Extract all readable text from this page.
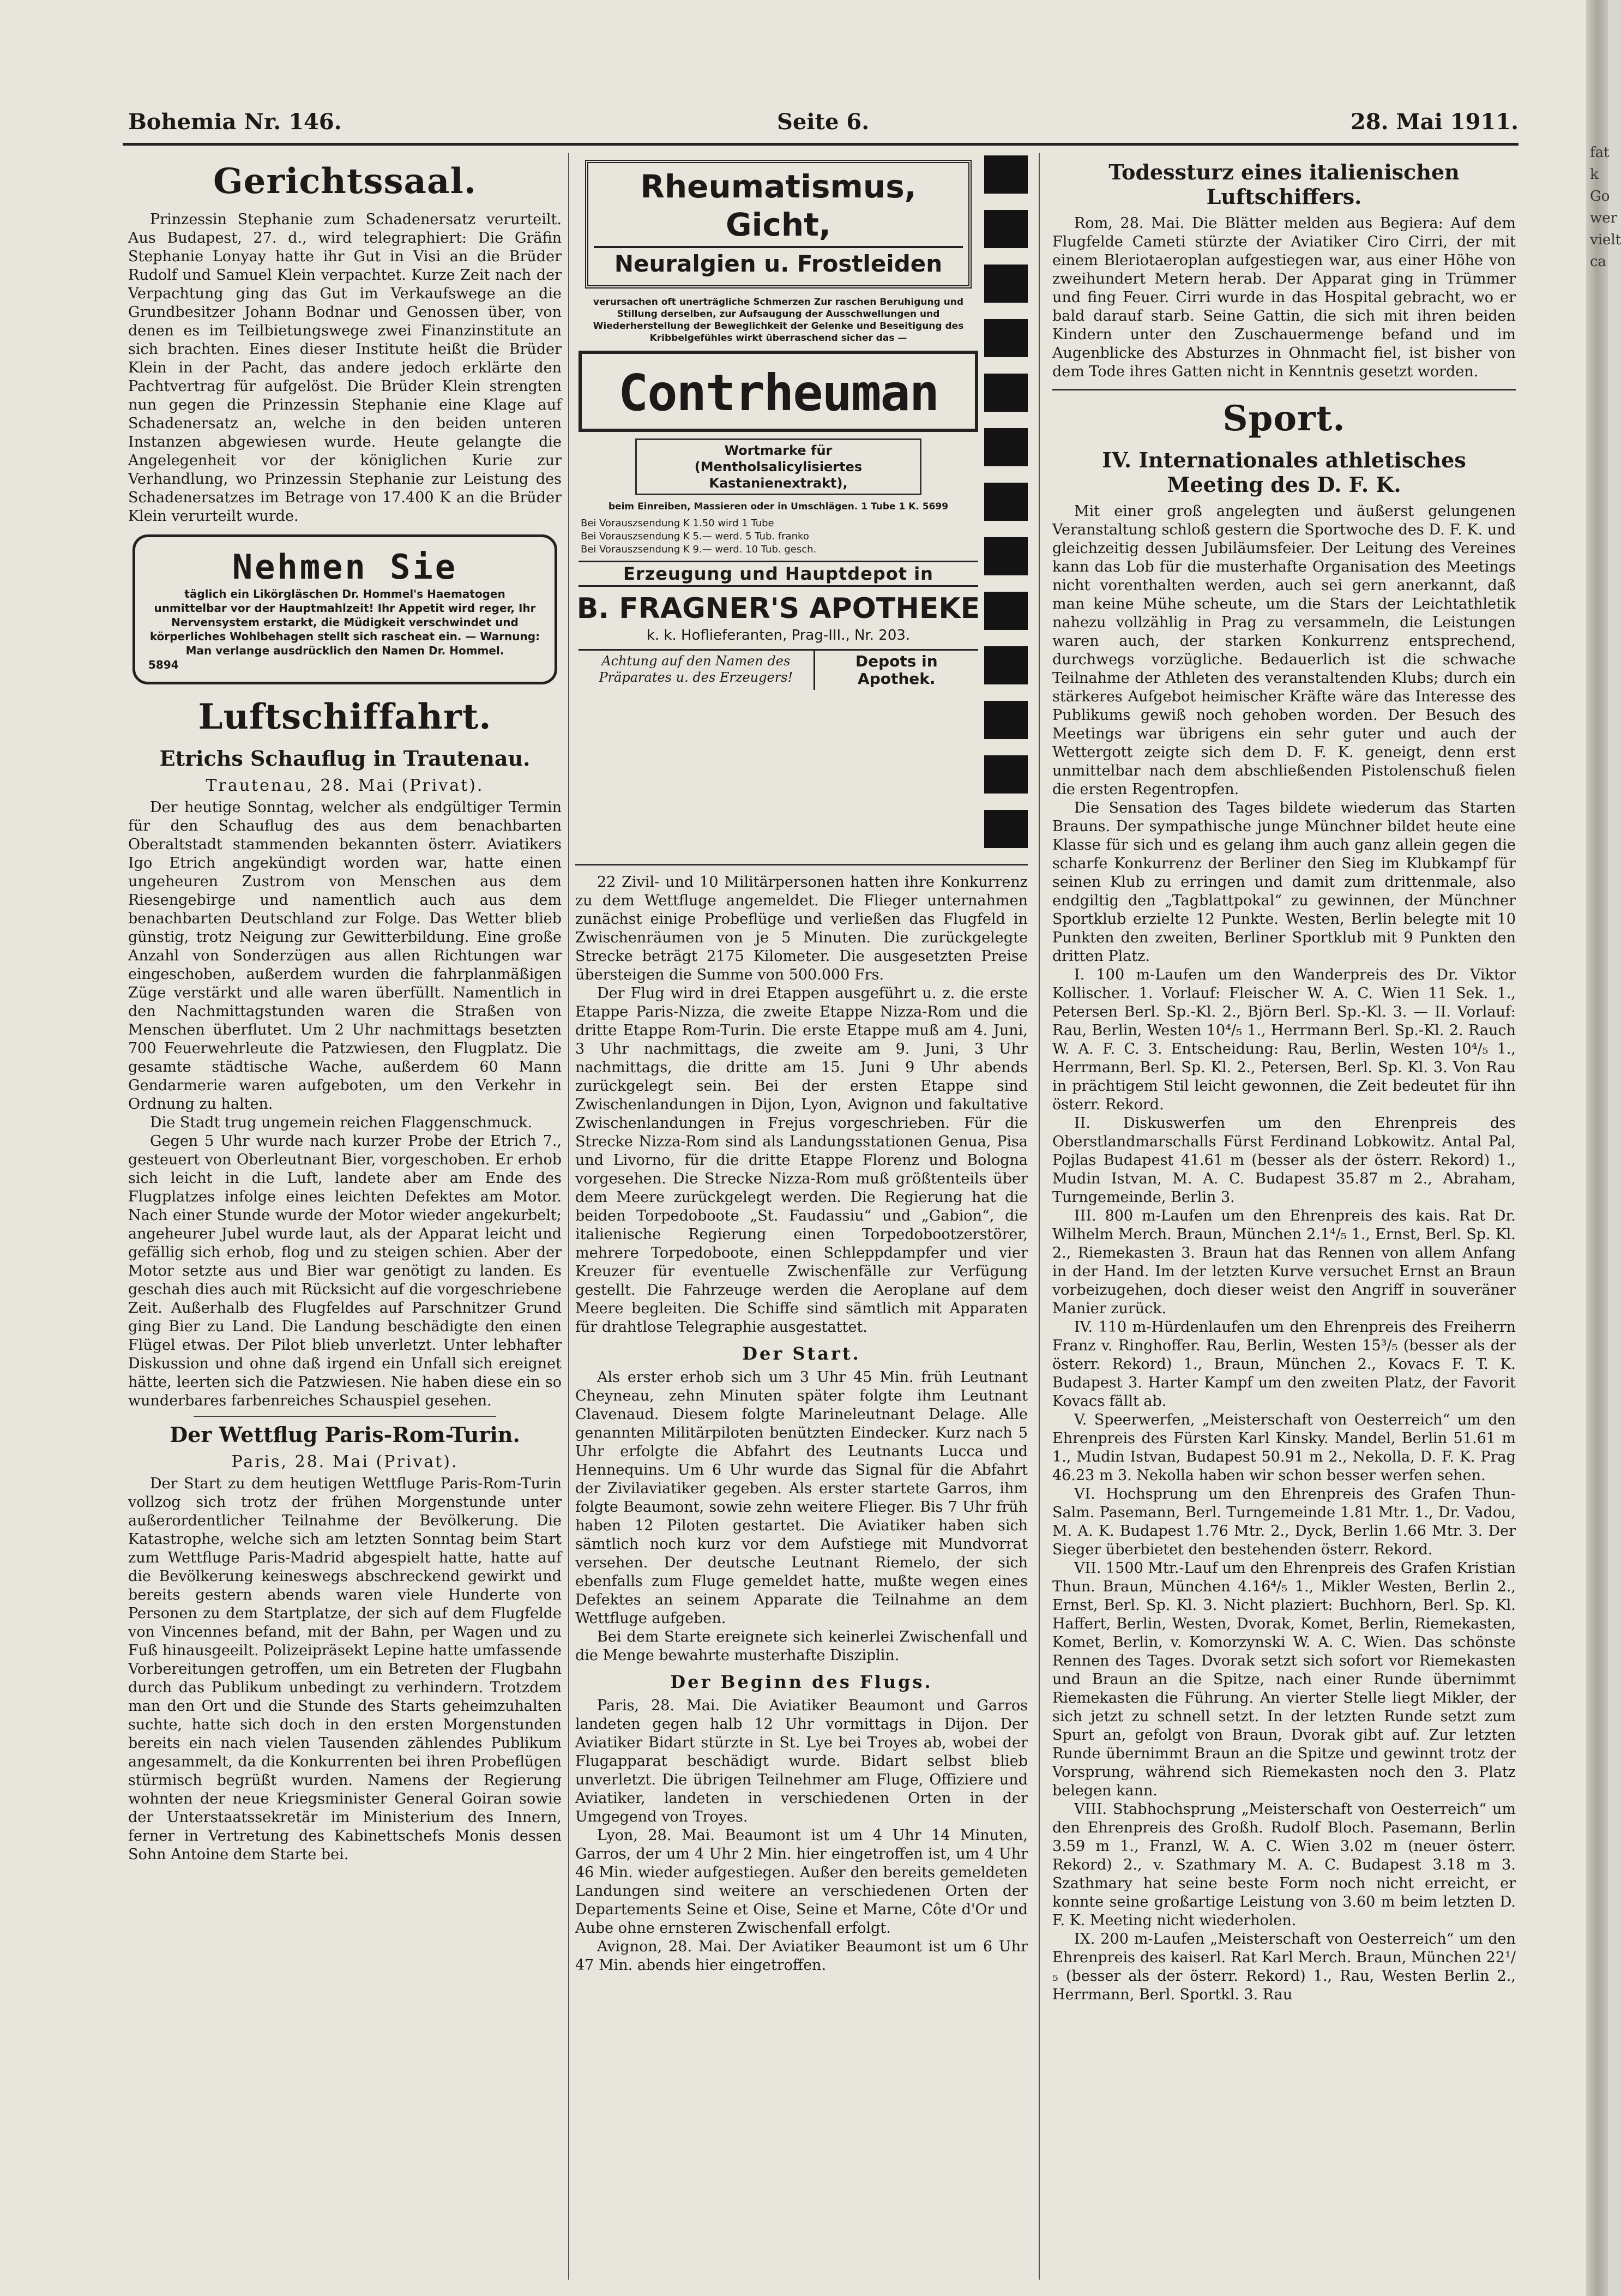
fat k Go wer vielt ca
Bohemia Nr. 146.	Seite 6.	28. Mai 1911.
Gerichtssaal.

Prinzessin Stephanie zum Schadenersatz verurteilt. Aus Budapest, 27. d., wird telegraphiert: Die Gräfin Stephanie Lonyay hatte ihr Gut in Visi an die Brüder Rudolf und Samuel Klein verpachtet. Kurze Zeit nach der Verpachtung ging das Gut im Verkaufswege an die Grundbesitzer Johann Bodnar und Genossen über, von denen es im Teilbietungswege zwei Finanzinstitute an sich brachten. Eines dieser Institute heißt die Brüder Klein in der Pacht, das andere jedoch erklärte den Pachtvertrag für aufgelöst. Die Brüder Klein strengten nun gegen die Prinzessin Stephanie eine Klage auf Schadenersatz an, welche in den beiden unteren Instanzen abgewiesen wurde. Heute gelangte die Angelegenheit vor der königlichen Kurie zur Verhandlung, wo Prinzessin Stephanie zur Leistung des Schadenersatzes im Betrage von 17.400 K an die Brüder Klein verurteilt wurde.

Nehmen Sie
täglich ein Likörgläschen Dr. Hommel's Haematogen unmittelbar vor der Hauptmahlzeit! Ihr Appetit wird reger, Ihr Nervensystem erstarkt, die Müdigkeit verschwindet und körperliches Wohlbehagen stellt sich rascheat ein. — Warnung: Man verlange ausdrücklich den Namen Dr. Hommel.
5894
Luftschiffahrt.
Etrichs Schauflug in Trautenau.
Trautenau, 28. Mai (Privat).

Der heutige Sonntag, welcher als endgültiger Termin für den Schauflug des aus dem benachbarten Oberaltstadt stammenden bekannten österr. Aviatikers Igo Etrich angekündigt worden war, hatte einen ungeheuren Zustrom von Menschen aus dem Riesengebirge und namentlich auch aus dem benachbarten Deutschland zur Folge. Das Wetter blieb günstig, trotz Neigung zur Gewitterbildung. Eine große Anzahl von Sonderzügen aus allen Richtungen war eingeschoben, außerdem wurden die fahrplanmäßigen Züge verstärkt und alle waren überfüllt. Namentlich in den Nachmittagstunden waren die Straßen von Menschen überflutet. Um 2 Uhr nachmittags besetzten 700 Feuerwehrleute die Patzwiesen, den Flugplatz. Die gesamte städtische Wache, außerdem 60 Mann Gendarmerie waren aufgeboten, um den Verkehr in Ordnung zu halten.

Die Stadt trug ungemein reichen Flaggenschmuck.

Gegen 5 Uhr wurde nach kurzer Probe der Etrich 7., gesteuert von Oberleutnant Bier, vorgeschoben. Er erhob sich leicht in die Luft, landete aber am Ende des Flugplatzes infolge eines leichten Defektes am Motor. Nach einer Stunde wurde der Motor wieder angekurbelt; angeheurer Jubel wurde laut, als der Apparat leicht und gefällig sich erhob, flog und zu steigen schien. Aber der Motor setzte aus und Bier war genötigt zu landen. Es geschah dies auch mit Rücksicht auf die vorgeschriebene Zeit. Außerhalb des Flugfeldes auf Parschnitzer Grund ging Bier zu Land. Die Landung beschädigte den einen Flügel etwas. Der Pilot blieb unverletzt. Unter lebhafter Diskussion und ohne daß irgend ein Unfall sich ereignet hätte, leerten sich die Patzwiesen. Nie haben diese ein so wunderbares farbenreiches Schauspiel gesehen.

Der Wettflug Paris-Rom-Turin.
Paris, 28. Mai (Privat).

Der Start zu dem heutigen Wettfluge Paris-Rom-Turin vollzog sich trotz der frühen Morgenstunde unter außerordentlicher Teilnahme der Bevölkerung. Die Katastrophe, welche sich am letzten Sonntag beim Start zum Wettfluge Paris-Madrid abgespielt hatte, hatte auf die Bevölkerung keineswegs abschreckend gewirkt und bereits gestern abends waren viele Hunderte von Personen zu dem Startplatze, der sich auf dem Flugfelde von Vincennes befand, mit der Bahn, per Wagen und zu Fuß hinausgeeilt. Polizeipräsekt Lepine hatte umfassende Vorbereitungen getroffen, um ein Betreten der Flugbahn durch das Publikum unbedingt zu verhindern. Trotzdem man den Ort und die Stunde des Starts geheimzuhalten suchte, hatte sich doch in den ersten Morgenstunden bereits ein nach vielen Tausenden zählendes Publikum angesammelt, da die Konkurrenten bei ihren Probeflügen stürmisch begrüßt wurden. Namens der Regierung wohnten der neue Kriegsminister General Goiran sowie der Unterstaatssekretär im Ministerium des Innern, ferner in Vertretung des Kabinettschefs Monis dessen Sohn Antoine dem Starte bei.

Rheumatismus, Gicht,
Neuralgien u. Frostleiden
verursachen oft unerträgliche Schmerzen Zur raschen Beruhigung und Stillung derselben, zur Aufsaugung der Ausschwellungen und Wiederherstellung der Beweglichkeit der Gelenke und Beseitigung des Kribbelgefühles wirkt überraschend sicher das —
Contrheuman
Wortmarke für (Mentholsalicylisiertes Kastanienextrakt),
beim Einreiben, Massieren oder in Umschlägen. 1 Tube 1 K. 5699
Bei Vorauszsendung K 1.50 wird 1 Tube
Bei Vorauszsendung K 5.— werd. 5 Tub. franko
Bei Vorauszsendung K 9.— werd. 10 Tub. gesch.
Erzeugung und Hauptdepot in
B. FRAGNER'S APOTHEKE
k. k. Hoflieferanten, Prag-III., Nr. 203.
Achtung auf den Namen des Präparates u. des Erzeugers!
Depots in Apothek.

22 Zivil- und 10 Militärpersonen hatten ihre Konkurrenz zu dem Wettfluge angemeldet. Die Flieger unternahmen zunächst einige Probeflüge und verließen das Flugfeld in Zwischenräumen von je 5 Minuten. Die zurückgelegte Strecke beträgt 2175 Kilometer. Die ausgesetzten Preise übersteigen die Summe von 500.000 Frs.

Der Flug wird in drei Etappen ausgeführt u. z. die erste Etappe Paris-Nizza, die zweite Etappe Nizza-Rom und die dritte Etappe Rom-Turin. Die erste Etappe muß am 4. Juni, 3 Uhr nachmittags, die zweite am 9. Juni, 3 Uhr nachmittags, die dritte am 15. Juni 9 Uhr abends zurückgelegt sein. Bei der ersten Etappe sind Zwischenlandungen in Dijon, Lyon, Avignon und fakultative Zwischenlandungen in Frejus vorgeschrieben. Für die Strecke Nizza-Rom sind als Landungsstationen Genua, Pisa und Livorno, für die dritte Etappe Florenz und Bologna vorgesehen. Die Strecke Nizza-Rom muß größtenteils über dem Meere zurückgelegt werden. Die Regierung hat die beiden Torpedoboote „St. Faudassiu“ und „Gabion“, die italienische Regierung einen Torpedobootzerstörer, mehrere Torpedoboote, einen Schleppdampfer und vier Kreuzer für eventuelle Zwischenfälle zur Verfügung gestellt. Die Fahrzeuge werden die Aeroplane auf dem Meere begleiten. Die Schiffe sind sämtlich mit Apparaten für drahtlose Telegraphie ausgestattet.

Der Start.

Als erster erhob sich um 3 Uhr 45 Min. früh Leutnant Cheyneau, zehn Minuten später folgte ihm Leutnant Clavenaud. Diesem folgte Marineleutnant Delage. Alle genannten Militärpiloten benützten Eindecker. Kurz nach 5 Uhr erfolgte die Abfahrt des Leutnants Lucca und Hennequins. Um 6 Uhr wurde das Signal für die Abfahrt der Zivilaviatiker gegeben. Als erster startete Garros, ihm folgte Beaumont, sowie zehn weitere Flieger. Bis 7 Uhr früh haben 12 Piloten gestartet. Die Aviatiker haben sich sämtlich noch kurz vor dem Aufstiege mit Mundvorrat versehen. Der deutsche Leutnant Riemelo, der sich ebenfalls zum Fluge gemeldet hatte, mußte wegen eines Defektes an seinem Apparate die Teilnahme an dem Wettfluge aufgeben.

Bei dem Starte ereignete sich keinerlei Zwischenfall und die Menge bewahrte musterhafte Disziplin.

Der Beginn des Flugs.

Paris, 28. Mai. Die Aviatiker Beaumont und Garros landeten gegen halb 12 Uhr vormittags in Dijon. Der Aviatiker Bidart stürzte in St. Lye bei Troyes ab, wobei der Flugapparat beschädigt wurde. Bidart selbst blieb unverletzt. Die übrigen Teilnehmer am Fluge, Offiziere und Aviatiker, landeten in verschiedenen Orten in der Umgegend von Troyes.

Lyon, 28. Mai. Beaumont ist um 4 Uhr 14 Minuten, Garros, der um 4 Uhr 2 Min. hier eingetroffen ist, um 4 Uhr 46 Min. wieder aufgestiegen. Außer den bereits gemeldeten Landungen sind weitere an verschiedenen Orten der Departements Seine et Oise, Seine et Marne, Côte d'Or und Aube ohne ernsteren Zwischenfall erfolgt.

Avignon, 28. Mai. Der Aviatiker Beaumont ist um 6 Uhr 47 Min. abends hier eingetroffen.

Todessturz eines italienischen Luftschiffers.

Rom, 28. Mai. Die Blätter melden aus Begiera: Auf dem Flugfelde Cameti stürzte der Aviatiker Ciro Cirri, der mit einem Bleriotaeroplan aufgestiegen war, aus einer Höhe von zweihundert Metern herab. Der Apparat ging in Trümmer und fing Feuer. Cirri wurde in das Hospital gebracht, wo er bald darauf starb. Seine Gattin, die sich mit ihren beiden Kindern unter den Zuschauermenge befand und im Augenblicke des Absturzes in Ohnmacht fiel, ist bisher von dem Tode ihres Gatten nicht in Kenntnis gesetzt worden.

Sport.
IV. Internationales athletisches Meeting des D. F. K.

Mit einer groß angelegten und äußerst gelungenen Veranstaltung schloß gestern die Sportwoche des D. F. K. und gleichzeitig dessen Jubiläumsfeier. Der Leitung des Vereines kann das Lob für die musterhafte Organisation des Meetings nicht vorenthalten werden, auch sei gern anerkannt, daß man keine Mühe scheute, um die Stars der Leichtathletik nahezu vollzählig in Prag zu versammeln, die Leistungen waren auch, der starken Konkurrenz entsprechend, durchwegs vorzügliche. Bedauerlich ist die schwache Teilnahme der Athleten des veranstaltenden Klubs; durch ein stärkeres Aufgebot heimischer Kräfte wäre das Interesse des Publikums gewiß noch gehoben worden. Der Besuch des Meetings war übrigens ein sehr guter und auch der Wettergott zeigte sich dem D. F. K. geneigt, denn erst unmittelbar nach dem abschließenden Pistolenschuß fielen die ersten Regentropfen.

Die Sensation des Tages bildete wiederum das Starten Brauns. Der sympathische junge Münchner bildet heute eine Klasse für sich und es gelang ihm auch ganz allein gegen die scharfe Konkurrenz der Berliner den Sieg im Klubkampf für seinen Klub zu erringen und damit zum drittenmale, also endgiltig den „Tagblattpokal“ zu gewinnen, der Münchner Sportklub erzielte 12 Punkte. Westen, Berlin belegte mit 10 Punkten den zweiten, Berliner Sportklub mit 9 Punkten den dritten Platz.

I. 100 m-Laufen um den Wanderpreis des Dr. Viktor Kollischer. 1. Vorlauf: Fleischer W. A. C. Wien 11 Sek. 1., Petersen Berl. Sp.-Kl. 2., Björn Berl. Sp.-Kl. 3. — II. Vorlauf: Rau, Berlin, Westen 10⁴/₅ 1., Herrmann Berl. Sp.-Kl. 2. Rauch W. A. F. C. 3. Entscheidung: Rau, Berlin, Westen 10⁴/₅ 1., Herrmann, Berl. Sp. Kl. 2., Petersen, Berl. Sp. Kl. 3. Von Rau in prächtigem Stil leicht gewonnen, die Zeit bedeutet für ihn österr. Rekord.

II. Diskuswerfen um den Ehrenpreis des Oberstlandmarschalls Fürst Ferdinand Lobkowitz. Antal Pal, Pojlas Budapest 41.61 m (besser als der österr. Rekord) 1., Mudin Istvan, M. A. C. Budapest 35.87 m 2., Abraham, Turngemeinde, Berlin 3.

III. 800 m-Laufen um den Ehrenpreis des kais. Rat Dr. Wilhelm Merch. Braun, München 2.1⁴/₅ 1., Ernst, Berl. Sp. Kl. 2., Riemekasten 3. Braun hat das Rennen von allem Anfang in der Hand. Im der letzten Kurve versuchet Ernst an Braun vorbeizugehen, doch dieser weist den Angriff in souveräner Manier zurück.

IV. 110 m-Hürdenlaufen um den Ehrenpreis des Freiherrn Franz v. Ringhoffer. Rau, Berlin, Westen 15³/₅ (besser als der österr. Rekord) 1., Braun, München 2., Kovacs F. T. K. Budapest 3. Harter Kampf um den zweiten Platz, der Favorit Kovacs fällt ab.

V. Speerwerfen, „Meisterschaft von Oesterreich“ um den Ehrenpreis des Fürsten Karl Kinsky. Mandel, Berlin 51.61 m 1., Mudin Istvan, Budapest 50.91 m 2., Nekolla, D. F. K. Prag 46.23 m 3. Nekolla haben wir schon besser werfen sehen.

VI. Hochsprung um den Ehrenpreis des Grafen Thun-Salm. Pasemann, Berl. Turngemeinde 1.81 Mtr. 1., Dr. Vadou, M. A. K. Budapest 1.76 Mtr. 2., Dyck, Berlin 1.66 Mtr. 3. Der Sieger überbietet den bestehenden österr. Rekord.

VII. 1500 Mtr.-Lauf um den Ehrenpreis des Grafen Kristian Thun. Braun, München 4.16⁴/₅ 1., Mikler Westen, Berlin 2., Ernst, Berl. Sp. Kl. 3. Nicht plaziert: Buchhorn, Berl. Sp. Kl. Haffert, Berlin, Westen, Dvorak, Komet, Berlin, Riemekasten, Komet, Berlin, v. Komorzynski W. A. C. Wien. Das schönste Rennen des Tages. Dvorak setzt sich sofort vor Riemekasten und Braun an die Spitze, nach einer Runde übernimmt Riemekasten die Führung. An vierter Stelle liegt Mikler, der sich jetzt zu schnell setzt. In der letzten Runde setzt zum Spurt an, gefolgt von Braun, Dvorak gibt auf. Zur letzten Runde übernimmt Braun an die Spitze und gewinnt trotz der Vorsprung, während sich Riemekasten noch den 3. Platz belegen kann.

VIII. Stabhochsprung „Meisterschaft von Oesterreich“ um den Ehrenpreis des Großh. Rudolf Bloch. Pasemann, Berlin 3.59 m 1., Franzl, W. A. C. Wien 3.02 m (neuer österr. Rekord) 2., v. Szathmary M. A. C. Budapest 3.18 m 3. Szathmary hat seine beste Form noch nicht erreicht, er konnte seine großartige Leistung von 3.60 m beim letzten D. F. K. Meeting nicht wiederholen.

IX. 200 m-Laufen „Meisterschaft von Oesterreich“ um den Ehrenpreis des kaiserl. Rat Karl Merch. Braun, München 22¹/₅ (besser als der österr. Rekord) 1., Rau, Westen Berlin 2., Herrmann, Berl. Sportkl. 3. Rau
